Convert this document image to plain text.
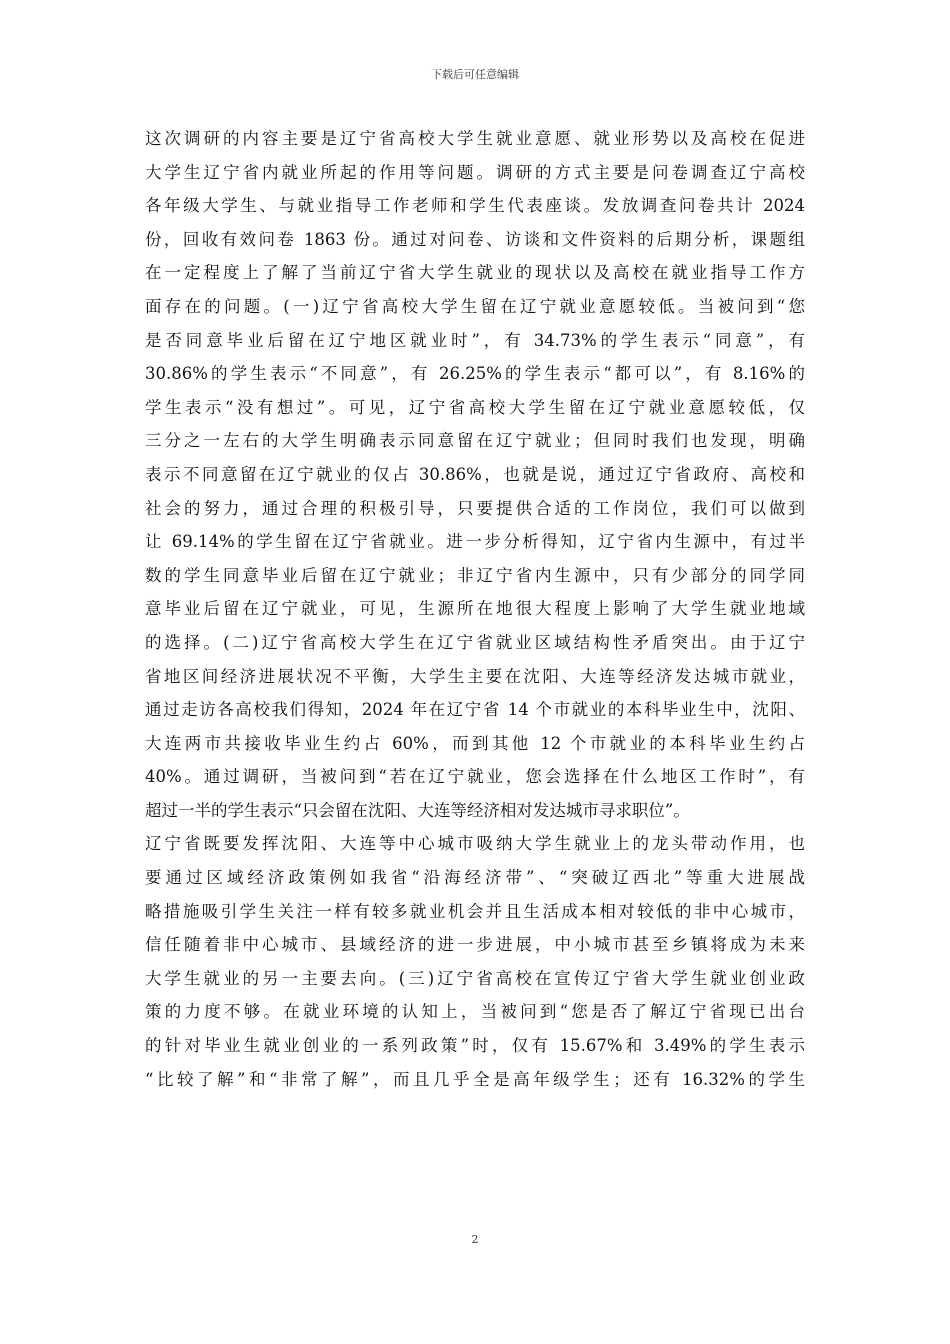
下载后可任意编辑
这次调研的内容主要是辽宁省高校大学生就业意愿、就业形势以及高校在促进
大学生辽宁省内就业所起的作用等问题。调研的方式主要是问卷调查辽宁高校
各年级大学生、与就业指导工作老师和学生代表座谈。发放调查问卷共计 2024
份，回收有效问卷 1863 份。通过对问卷、访谈和文件资料的后期分析，课题组
在一定程度上了解了当前辽宁省大学生就业的现状以及高校在就业指导工作方
面存在的问题。(一)辽宁省高校大学生留在辽宁就业意愿较低。当被问到“您
是否同意毕业后留在辽宁地区就业时”，有 34.73%的学生表示“同意”，有
30.86%的学生表示“不同意”，有 26.25%的学生表示“都可以”，有 8.16%的
学生表示“没有想过”。可见，辽宁省高校大学生留在辽宁就业意愿较低，仅
三分之一左右的大学生明确表示同意留在辽宁就业；但同时我们也发现，明确
表示不同意留在辽宁就业的仅占 30.86%，也就是说，通过辽宁省政府、高校和
社会的努力，通过合理的积极引导，只要提供合适的工作岗位，我们可以做到
让 69.14%的学生留在辽宁省就业。进一步分析得知，辽宁省内生源中，有过半
数的学生同意毕业后留在辽宁就业；非辽宁省内生源中，只有少部分的同学同
意毕业后留在辽宁就业，可见，生源所在地很大程度上影响了大学生就业地域
的选择。(二)辽宁省高校大学生在辽宁省就业区域结构性矛盾突出。由于辽宁
省地区间经济进展状况不平衡，大学生主要在沈阳、大连等经济发达城市就业，
通过走访各高校我们得知，2024 年在辽宁省 14 个市就业的本科毕业生中，沈阳、
大连两市共接收毕业生约占 60%，而到其他 12 个市就业的本科毕业生约占
40%。通过调研，当被问到“若在辽宁就业，您会选择在什么地区工作时”，有
超过一半的学生表示“只会留在沈阳、大连等经济相对发达城市寻求职位”。
辽宁省既要发挥沈阳、大连等中心城市吸纳大学生就业上的龙头带动作用，也
要通过区域经济政策例如我省“沿海经济带”、“突破辽西北”等重大进展战
略措施吸引学生关注一样有较多就业机会并且生活成本相对较低的非中心城市，
信任随着非中心城市、县域经济的进一步进展，中小城市甚至乡镇将成为未来
大学生就业的另一主要去向。(三)辽宁省高校在宣传辽宁省大学生就业创业政
策的力度不够。在就业环境的认知上，当被问到“您是否了解辽宁省现已出台
的针对毕业生就业创业的一系列政策”时，仅有 15.67%和 3.49%的学生表示
“比较了解”和“非常了解”，而且几乎全是高年级学生；还有 16.32%的学生
2
